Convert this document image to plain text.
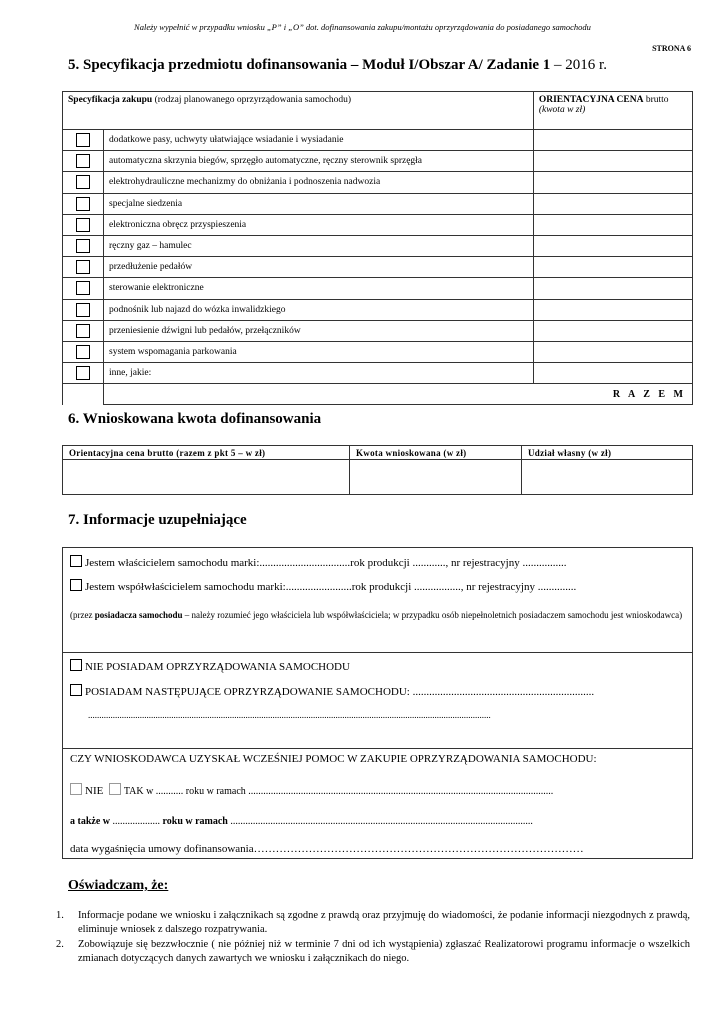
Należy wypełnić w przypadku wniosku „P” i „O” dot. dofinansowania zakupu/montażu oprzyrządowania do posiadanego samochodu
STRONA 6
5. Specyfikacja przedmiotu dofinansowania – Moduł I/Obszar A/ Zadanie 1 – 2016 r.
Specyfikacja zakupu (rodzaj planowanego oprzyrządowania samochodu)		ORIENTACYJNA CENA brutto
(kwota w zł)
	dodatkowe pasy, uchwyty ułatwiające wsiadanie i wysiadanie	
	automatyczna skrzynia biegów, sprzęgło automatyczne, ręczny sterownik sprzęgła	
	elektrohydrauliczne mechanizmy do obniżania i podnoszenia nadwozia	
	specjalne siedzenia	
	elektroniczna obręcz przyspieszenia	
	ręczny gaz – hamulec	
	przedłużenie pedałów	
	sterowanie elektroniczne	
	podnośnik lub najazd do wózka inwalidzkiego	
	przeniesienie dźwigni lub pedałów, przełączników	
	system wspomagania parkowania	
	inne, jakie:	
	R A Z E M	
6. Wnioskowana kwota dofinansowania
Orientacyjna cena brutto (razem z pkt 5 – w zł)	Kwota wnioskowana (w zł)	Udział własny (w zł)

7. Informacje uzupełniające
Jestem właścicielem samochodu marki:.................................rok produkcji ............, nr rejestracyjny ................
Jestem współwłaścicielem samochodu marki:........................rok produkcji ................., nr rejestracyjny ..............
(przez posiadacza samochodu – należy rozumieć jego właściciela lub współwłaściciela; w przypadku osób niepełnoletnich posiadaczem samochodu jest wnioskodawca)
NIE POSIADAM OPRZYRZĄDOWANIA SAMOCHODU
POSIADAM NASTĘPUJĄCE OPRZYRZĄDOWANIE SAMOCHODU: ..................................................................
...................................................................................................................................................................................
CZY WNIOSKODAWCA UZYSKAŁ WCZEŚNIEJ POMOC W ZAKUPIE OPRZYRZĄDOWANIA SAMOCHODU:
NIE TAK w ........... roku w ramach ..........................................................................................................................
a także w ................... roku w ramach .........................................................................................................................
data wygaśnięcia umowy dofinansowania………………………………………………………………………………
Oświadczam, że:
1. Informacje podane we wniosku i załącznikach są zgodne z prawdą oraz przyjmuję do wiadomości, że podanie informacji niezgodnych z prawdą, eliminuje wniosek z dalszego rozpatrywania.
2. Zobowiązuje się bezzwłocznie ( nie później niż w terminie 7 dni od ich wystąpienia) zgłaszać Realizatorowi programu informacje o wszelkich zmianach dotyczących danych zawartych we wniosku i załącznikach do niego.
